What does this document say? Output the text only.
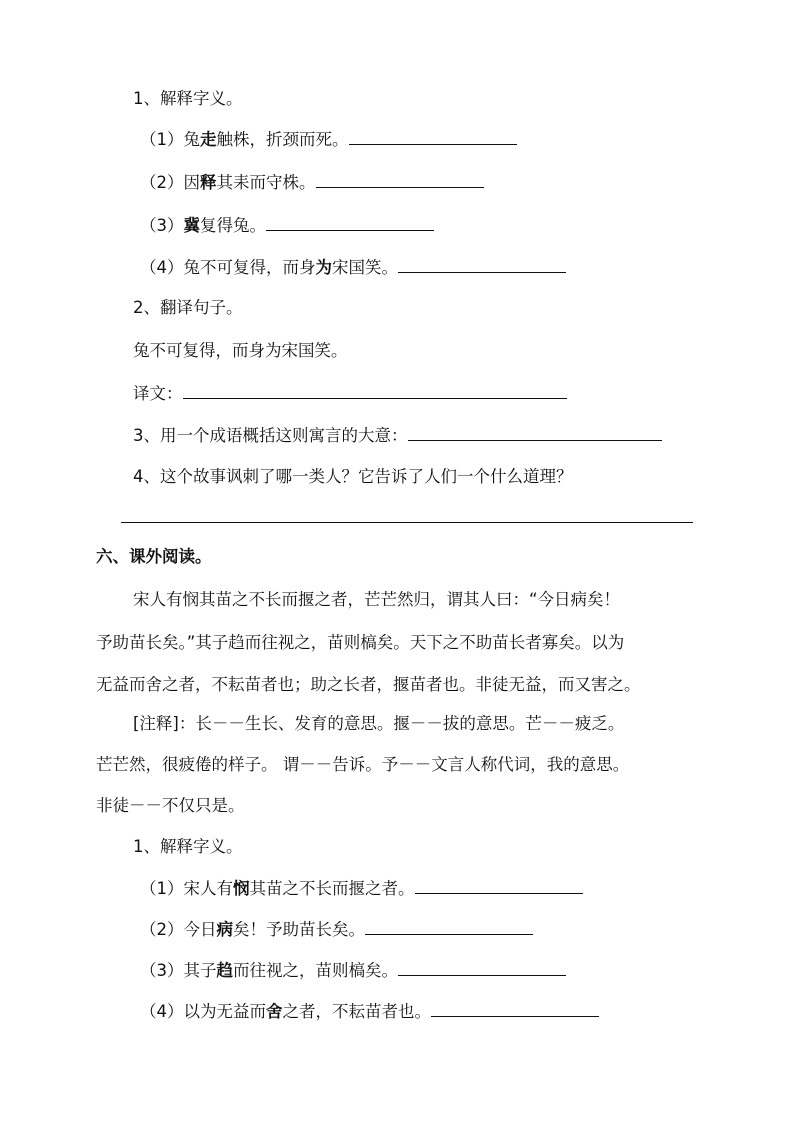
1、解释字义。
（1）兔走触株，折颈而死。
（2）因释其耒而守株。
（3）冀复得兔。
（4）兔不可复得，而身为宋国笑。
2、翻译句子。
兔不可复得，而身为宋国笑。
译文：
3、用一个成语概括这则寓言的大意：
4、这个故事讽刺了哪一类人？它告诉了人们一个什么道理？
六、课外阅读。
宋人有悯其苗之不长而揠之者，芒芒然归，谓其人曰：“今日病矣！
予助苗长矣。”其子趋而往视之，苗则槁矣。天下之不助苗长者寡矣。以为
无益而舍之者，不耘苗者也；助之长者，揠苗者也。非徒无益，而又害之。
[注释]：长－－生长、发育的意思。揠－－拔的意思。芒－－疲乏。
芒芒然，很疲倦的样子。 谓－－告诉。予－－文言人称代词，我的意思。
非徒－－不仅只是。
1、解释字义。
（1）宋人有悯其苗之不长而揠之者。
（2）今日病矣！予助苗长矣。
（3）其子趋而往视之，苗则槁矣。
（4）以为无益而舍之者，不耘苗者也。
